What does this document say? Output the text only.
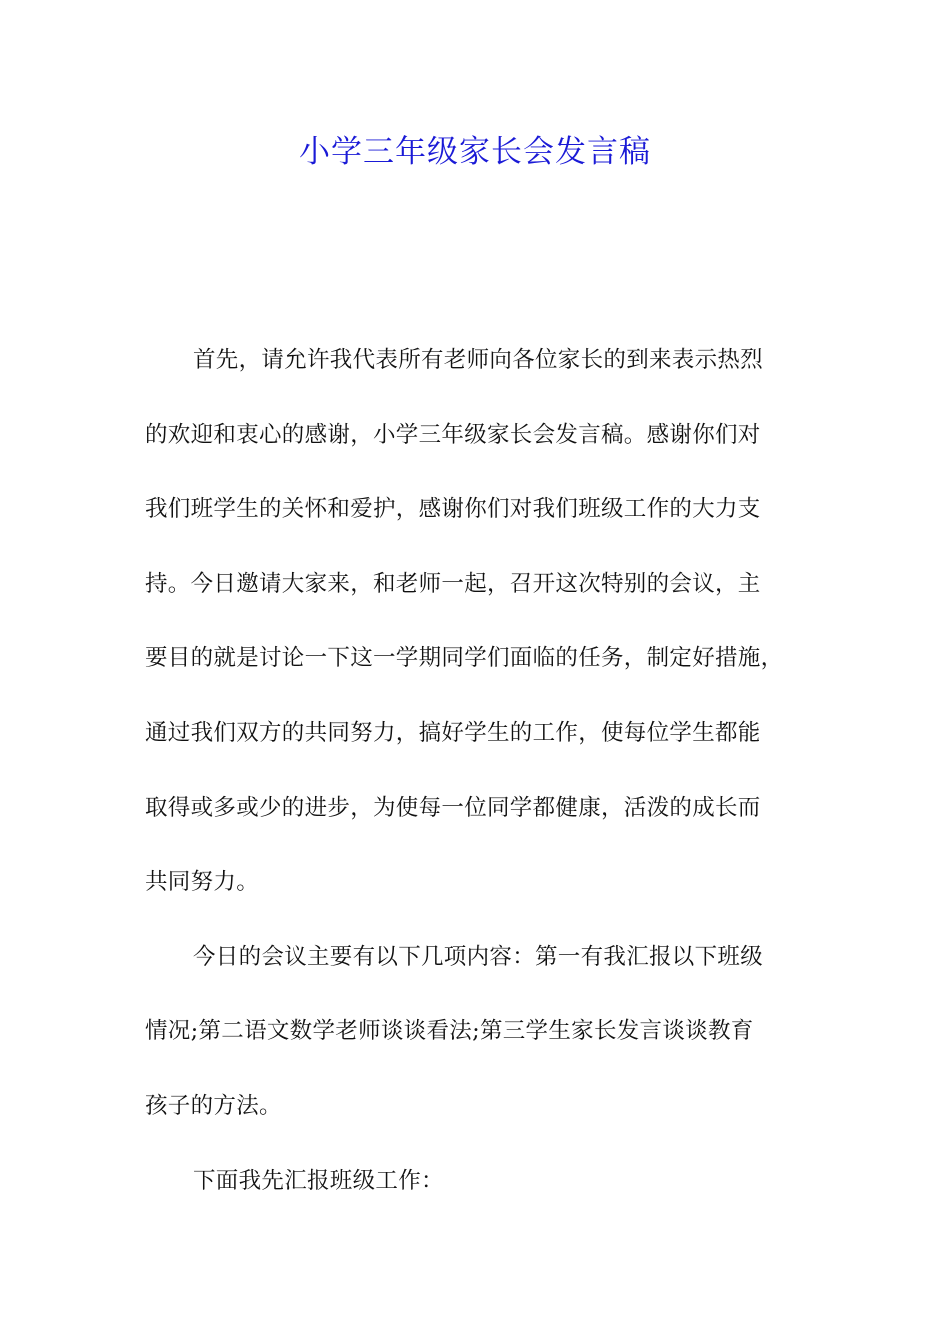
小学三年级家长会发言稿
首先，请允许我代表所有老师向各位家长的到来表示热烈
的欢迎和衷心的感谢，小学三年级家长会发言稿。感谢你们对
我们班学生的关怀和爱护，感谢你们对我们班级工作的大力支
持。今日邀请大家来，和老师一起，召开这次特别的会议，主
要目的就是讨论一下这一学期同学们面临的任务，制定好措施，
通过我们双方的共同努力，搞好学生的工作，使每位学生都能
取得或多或少的进步，为使每一位同学都健康，活泼的成长而
共同努力。
今日的会议主要有以下几项内容：第一有我汇报以下班级
情况;第二语文数学老师谈谈看法;第三学生家长发言谈谈教育
孩子的方法。
下面我先汇报班级工作：
